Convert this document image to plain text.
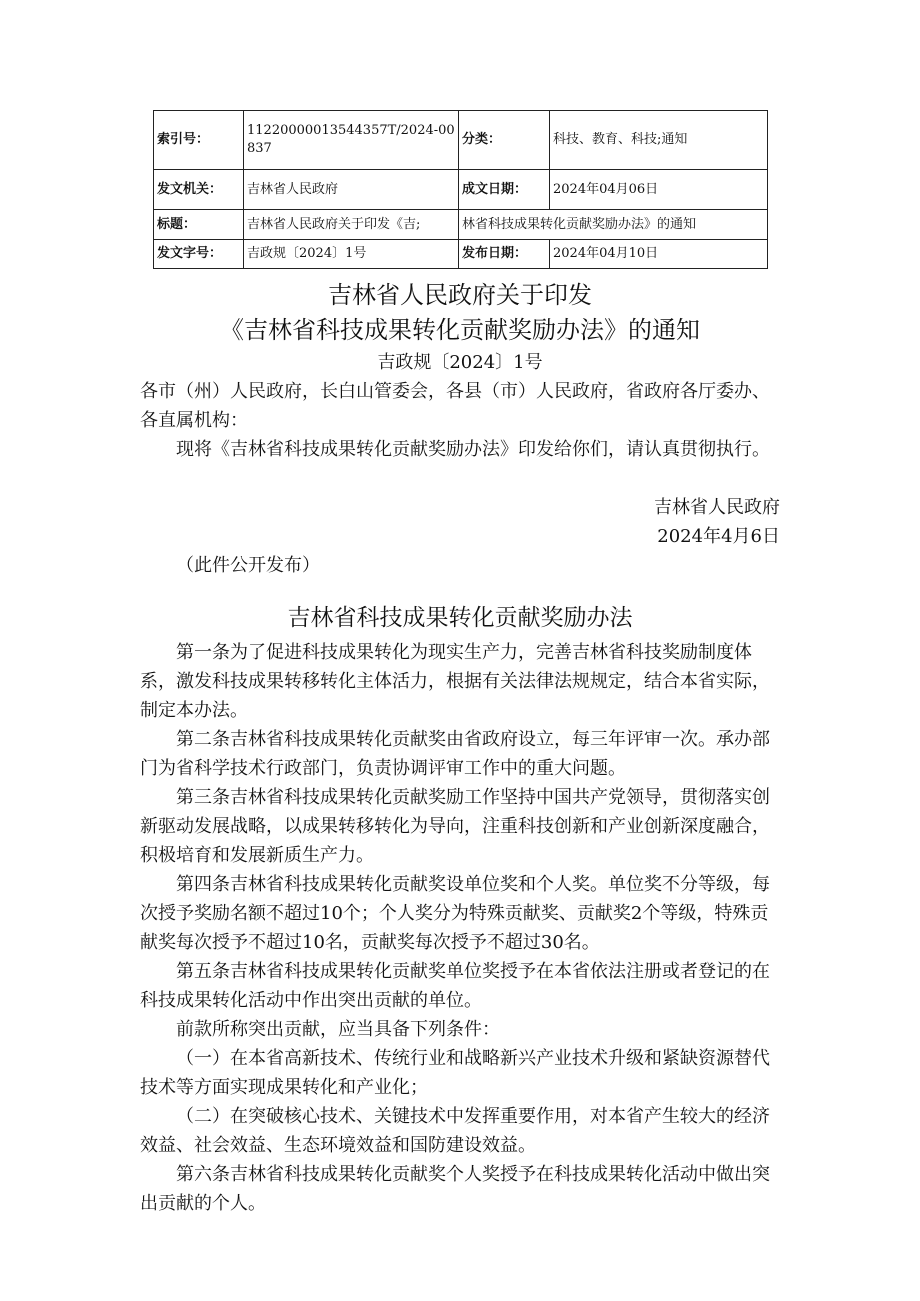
索引号：	11220000013544357T/2024-00837	分类：	科技、教育、科技;通知
发文机关：	吉林省人民政府	成文日期：	2024年04月06日
标题：	吉林省人民政府关于印发《吉;	林省科技成果转化贡献奖励办法》的通知	
发文字号：	吉政规〔2024〕1号	发布日期：	2024年04月10日

吉林省人民政府关于印发

《吉林省科技成果转化贡献奖励办法》的通知

吉政规〔2024〕1号

各市（州）人民政府，长白山管委会，各县（市）人民政府，省政府各厅委办、各直属机构：

现将《吉林省科技成果转化贡献奖励办法》印发给你们，请认真贯彻执行。

吉林省人民政府

2024年4月6日

（此件公开发布）

吉林省科技成果转化贡献奖励办法

第一条为了促进科技成果转化为现实生产力，完善吉林省科技奖励制度体系，激发科技成果转移转化主体活力，根据有关法律法规规定，结合本省实际，制定本办法。

第二条吉林省科技成果转化贡献奖由省政府设立，每三年评审一次。承办部门为省科学技术行政部门，负责协调评审工作中的重大问题。

第三条吉林省科技成果转化贡献奖励工作坚持中国共产党领导，贯彻落实创新驱动发展战略，以成果转移转化为导向，注重科技创新和产业创新深度融合，积极培育和发展新质生产力。

第四条吉林省科技成果转化贡献奖设单位奖和个人奖。单位奖不分等级，每次授予奖励名额不超过10个；个人奖分为特殊贡献奖、贡献奖2个等级，特殊贡献奖每次授予不超过10名，贡献奖每次授予不超过30名。

第五条吉林省科技成果转化贡献奖单位奖授予在本省依法注册或者登记的在科技成果转化活动中作出突出贡献的单位。

前款所称突出贡献，应当具备下列条件：

（一）在本省高新技术、传统行业和战略新兴产业技术升级和紧缺资源替代技术等方面实现成果转化和产业化；

（二）在突破核心技术、关键技术中发挥重要作用，对本省产生较大的经济效益、社会效益、生态环境效益和国防建设效益。

第六条吉林省科技成果转化贡献奖个人奖授予在科技成果转化活动中做出突出贡献的个人。
